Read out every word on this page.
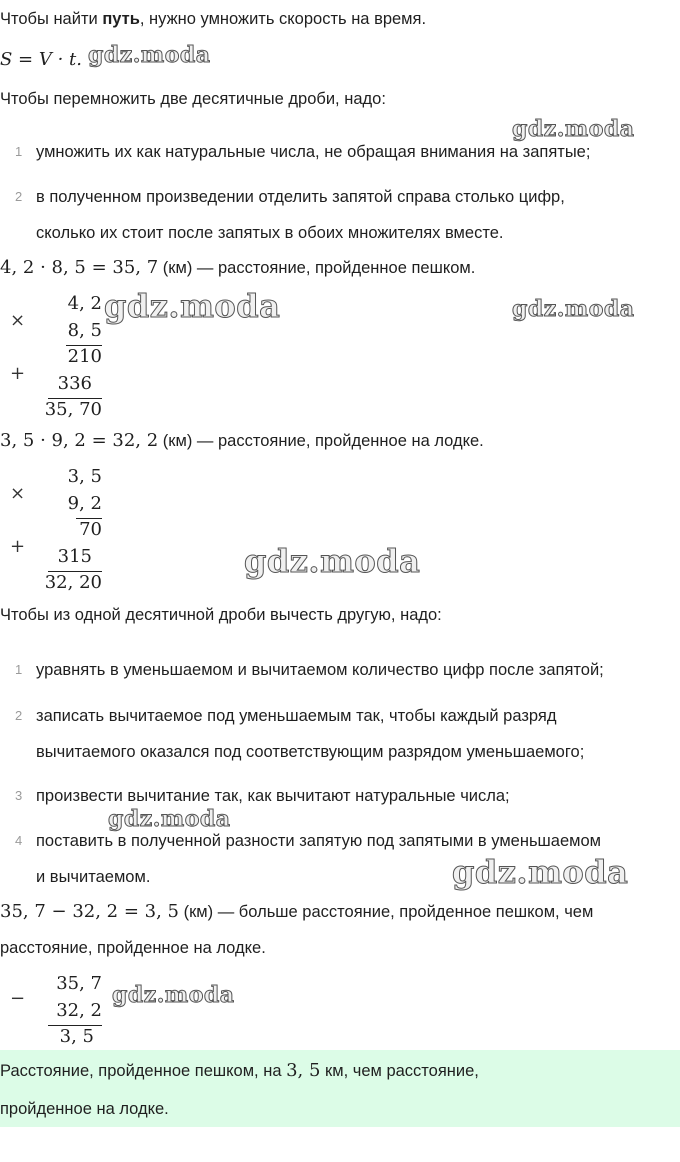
Чтобы найти путь, нужно умножить скорость на время.
S = V · t. gdz.moda
Чтобы перемножить две десятичные дроби, надо:
gdz.moda
1 умножить их как натуральные числа, не обращая внимания на запятые;
2 в полученном произведении отделить запятой справа столько цифр,
сколько их стоит после запятых в обоих множителях вместе.
4, 2 · 8, 5 = 35, 7 (км) — расстояние, пройденное пешком.
×
4, 2
8, 5
210
+	336
35, 70
gdz.moda	gdz.moda
3, 5 · 9, 2 = 32, 2 (км) — расстояние, пройденное на лодке.
×
3, 5
9, 2
70
+	315
32, 20
gdz.moda
Чтобы из одной десятичной дроби вычесть другую, надо:
1 уравнять в уменьшаемом и вычитаемом количество цифр после запятой;
2 записать вычитаемое под уменьшаемым так, чтобы каждый разряд
вычитаемого оказался под соответствующим разрядом уменьшаемого;
3 произвести вычитание так, как вычитают натуральные числа;
gdz.moda
4 поставить в полученной разности запятую под запятыми в уменьшаемом
и вычитаемом.	gdz.moda
35, 7 − 32, 2 = 3, 5 (км) — больше расстояние, пройденное пешком, чем
расстояние, пройденное на лодке.
−
35, 7
32, 2
3, 5
gdz.moda
Расстояние, пройденное пешком, на 3, 5 км, чем расстояние,
пройденное на лодке.
